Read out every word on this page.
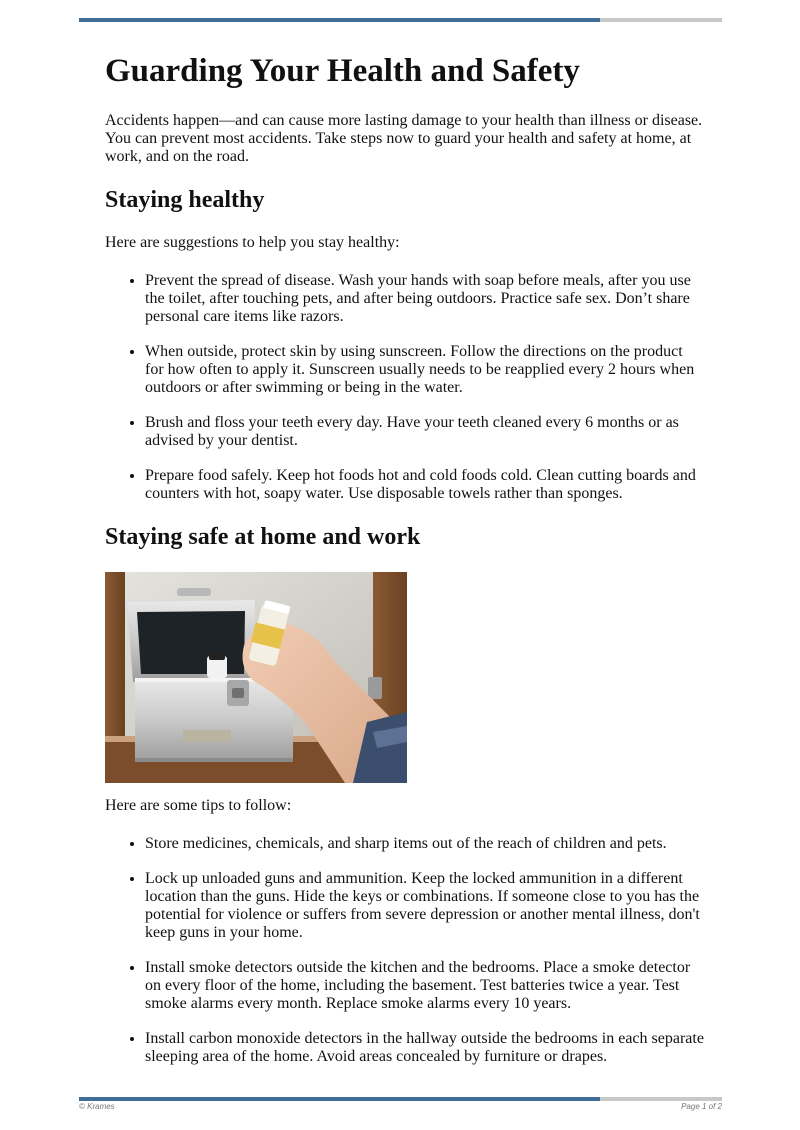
Guarding Your Health and Safety

Accidents happen—and can cause more lasting damage to your health than illness or disease. You can prevent most accidents. Take steps now to guard your health and safety at home, at work, and on the road.

Staying healthy

Here are suggestions to help you stay healthy:

• Prevent the spread of disease. Wash your hands with soap before meals, after you use the toilet, after touching pets, and after being outdoors. Practice safe sex. Don’t share personal care items like razors.
• When outside, protect skin by using sunscreen. Follow the directions on the product for how often to apply it. Sunscreen usually needs to be reapplied every 2 hours when outdoors or after swimming or being in the water.
• Brush and floss your teeth every day. Have your teeth cleaned every 6 months or as advised by your dentist.
• Prepare food safely. Keep hot foods hot and cold foods cold. Clean cutting boards and counters with hot, soapy water. Use disposable towels rather than sponges.
Staying safe at home and work

Here are some tips to follow:

• Store medicines, chemicals, and sharp items out of the reach of children and pets.
• Lock up unloaded guns and ammunition. Keep the locked ammunition in a different location than the guns. Hide the keys or combinations. If someone close to you has the potential for violence or suffers from severe depression or another mental illness, don't keep guns in your home.
• Install smoke detectors outside the kitchen and the bedrooms. Place a smoke detector on every floor of the home, including the basement. Test batteries twice a year. Test smoke alarms every month. Replace smoke alarms every 10 years.
• Install carbon monoxide detectors in the hallway outside the bedrooms in each separate sleeping area of the home. Avoid areas concealed by furniture or drapes.
© Krames	Page 1 of 2
